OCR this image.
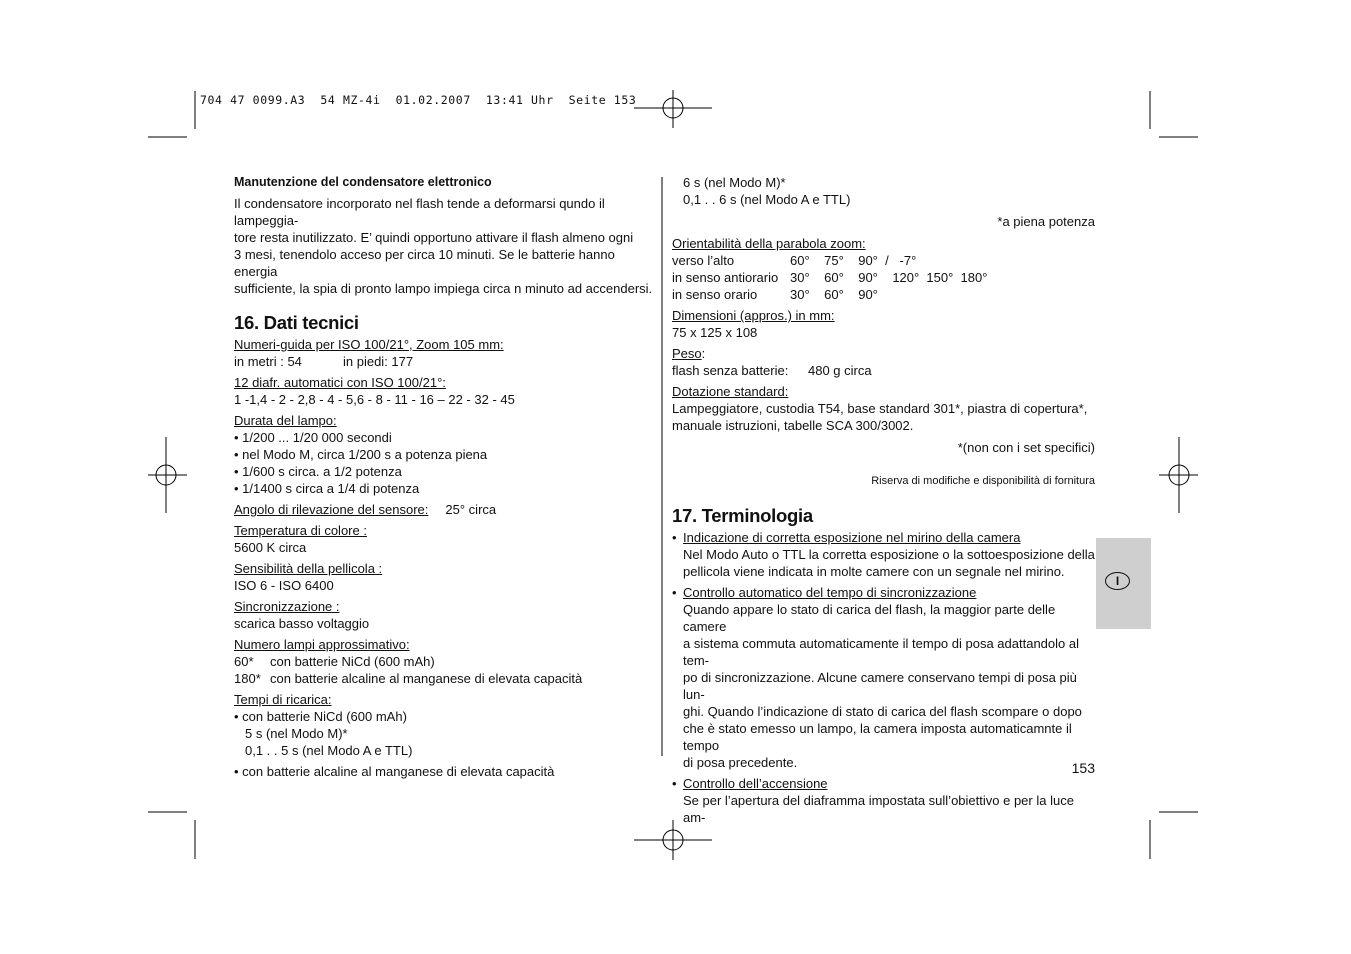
704 47 0099.A3  54 MZ-4i  01.02.2007  13:41 Uhr  Seite 153

Manutenzione del condensatore elettronico

Il condensatore incorporato nel flash tende a deformarsi qundo il lampeggia-

tore resta inutilizzato. E’ quindi opportuno attivare il flash almeno ogni

3 mesi, tenendolo acceso per circa 10 minuti. Se le batterie hanno energia

sufficiente, la spia di pronto lampo impiega circa n minuto ad accendersi.

16. Dati tecnici

Numeri-guida per ISO 100/21°, Zoom 105 mm:

in metri : 54	in piedi: 177

12 diafr. automatici con ISO 100/21°:

1 -1,4 - 2 - 2,8 - 4 - 5,6 - 8 - 11 - 16 – 22 - 32 - 45

Durata del lampo:

• 1/200 ... 1/20 000 secondi

• nel Modo M, circa 1/200 s a potenza piena

• 1/600 s circa. a 1/2 potenza

• 1/1400 s circa a 1/4 di potenza

Angolo di rilevazione del sensore: 25° circa

Temperatura di colore :

5600 K circa

Sensibilità della pellicola :

ISO 6 - ISO 6400

Sincronizzazione :

scarica basso voltaggio

Numero lampi approssimativo:

60* con batterie NiCd (600 mAh)

180* con batterie alcaline al manganese di elevata capacità

Tempi di ricarica:

• con batterie NiCd (600 mAh)

5 s (nel Modo M)*

0,1 . . 5 s (nel Modo A e TTL)

• con batterie alcaline al manganese di elevata capacità

6 s (nel Modo M)*

0,1 . . 6 s (nel Modo A e TTL)

*a piena potenza

Orientabilità della parabola zoom:

verso l’alto	60°    75°    90°  /   -7°
in senso antiorario 30°    60°    90°    120°  150°  180°
in senso orario	30°    60°    90°

Dimensioni (appros.) in mm:

75 x 125 x 108

Peso:

flash senza batterie: 480 g circa

Dotazione standard:

Lampeggiatore, custodia T54, base standard 301*, piastra di copertura*,

manuale istruzioni, tabelle SCA 300/3002.

*(non con i set specifici)

Riserva di modifiche e disponibilità di fornitura

17. Terminologia

• Indicazione di corretta esposizione nel mirino della camera

Nel Modo Auto o TTL la corretta esposizione o la sottoesposizione della

pellicola viene indicata in molte camere con un segnale nel mirino.

• Controllo automatico del tempo di sincronizzazione

Quando appare lo stato di carica del flash, la maggior parte delle camere

a sistema commuta automaticamente il tempo di posa adattandolo al tem-

po di sincronizzazione. Alcune camere conservano tempi di posa più lun-

ghi. Quando l’indicazione di stato di carica del flash scompare o dopo

che è stato emesso un lampo, la camera imposta automaticamnte il tempo

di posa precedente.

• Controllo dell’accensione

Se per l’apertura del diaframma impostata sull’obiettivo e per la luce am-

I
153
